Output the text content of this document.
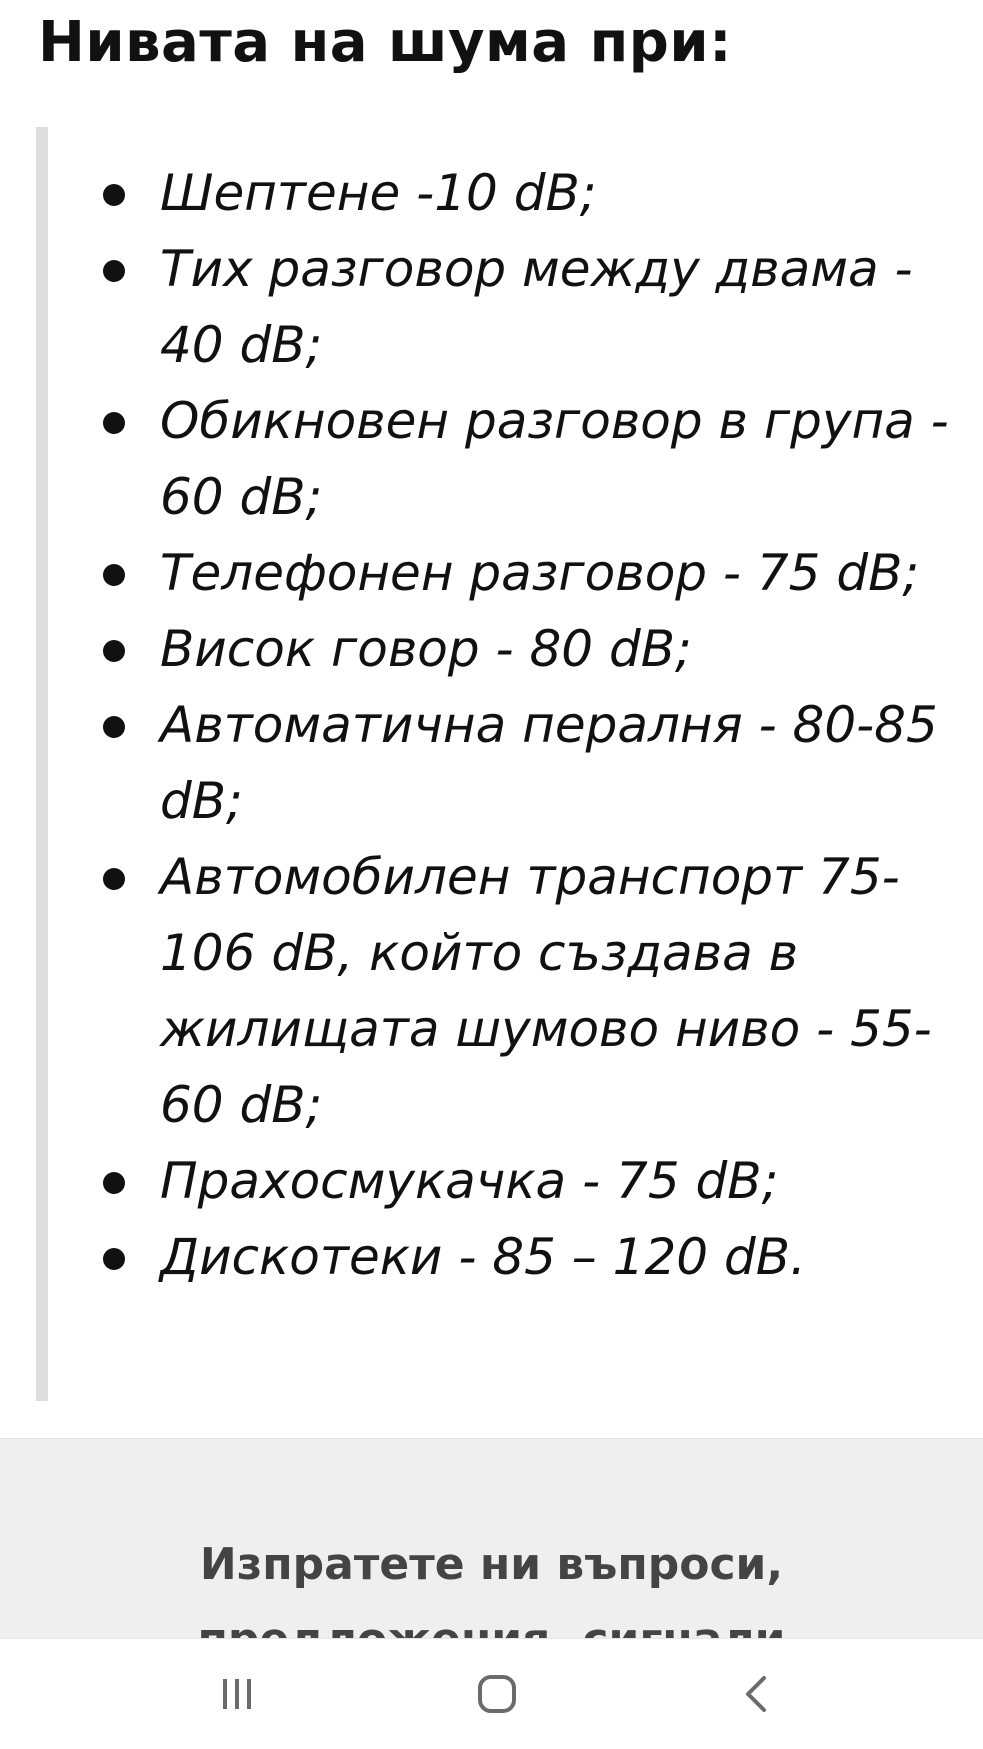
Нивата на шума при:
Шептене -10 dB;
Тих разговор между двама - 40 dB;
Обикновен разговор в група - 60 dB;
Телефонен разговор - 75 dB;
Висок говор - 80 dB;
Автоматична пералня - 80-85 dB;
Автомобилен транспорт 75-106 dB, който създава в жилищата шумово ниво - 55-60 dB;
Прахосмукачка - 75 dB;
Дискотеки - 85 – 120 dB.
Изпратете ни въпроси,
